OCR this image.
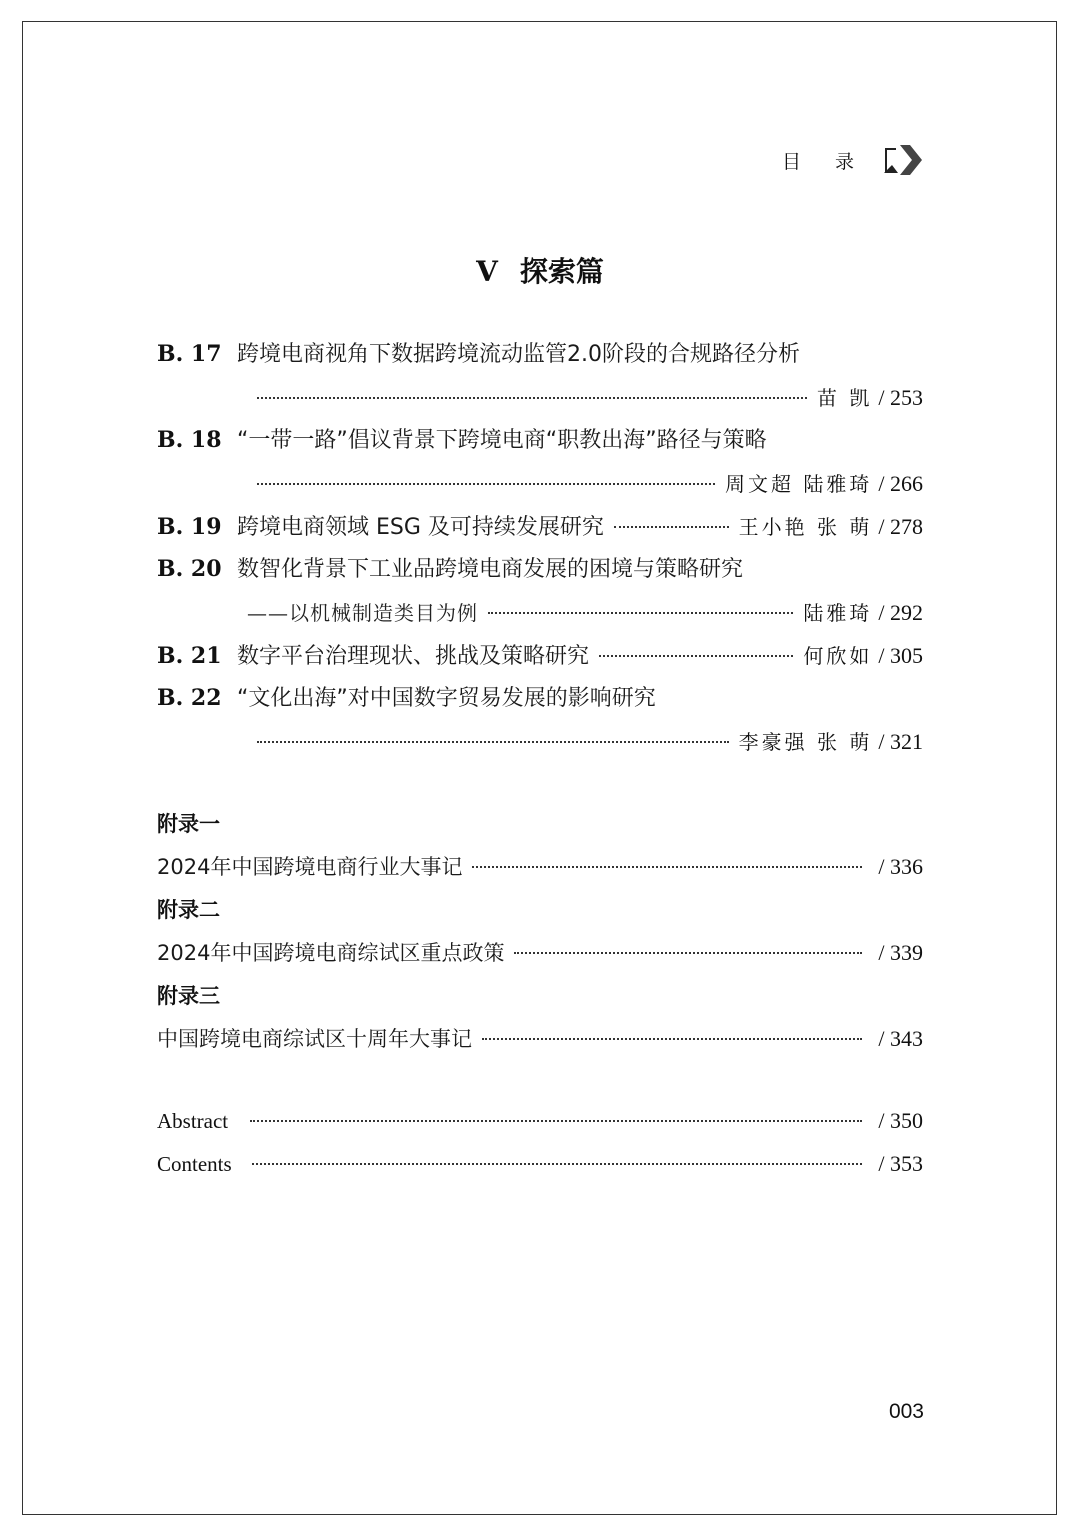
目 录
V 探索篇
B. 17 跨境电商视角下数据跨境流动监管2.0阶段的合规路径分析
苗 凯 / 253
B. 18 “一带一路”倡议背景下跨境电商“职教出海”路径与策略
周文超 陆雅琦 / 266
B. 19 跨境电商领域 ESG 及可持续发展研究	王小艳 张 萌 / 278
B. 20 数智化背景下工业品跨境电商发展的困境与策略研究
——以机械制造类目为例	陆雅琦 / 292
B. 21 数字平台治理现状、挑战及策略研究	何欣如 / 305
B. 22 “文化出海”对中国数字贸易发展的影响研究
李豪强 张 萌 / 321
附录一
2024年中国跨境电商行业大事记	/ 336
附录二
2024年中国跨境电商综试区重点政策	/ 339
附录三
中国跨境电商综试区十周年大事记	/ 343
Abstract	/ 350
Contents	/ 353
003
